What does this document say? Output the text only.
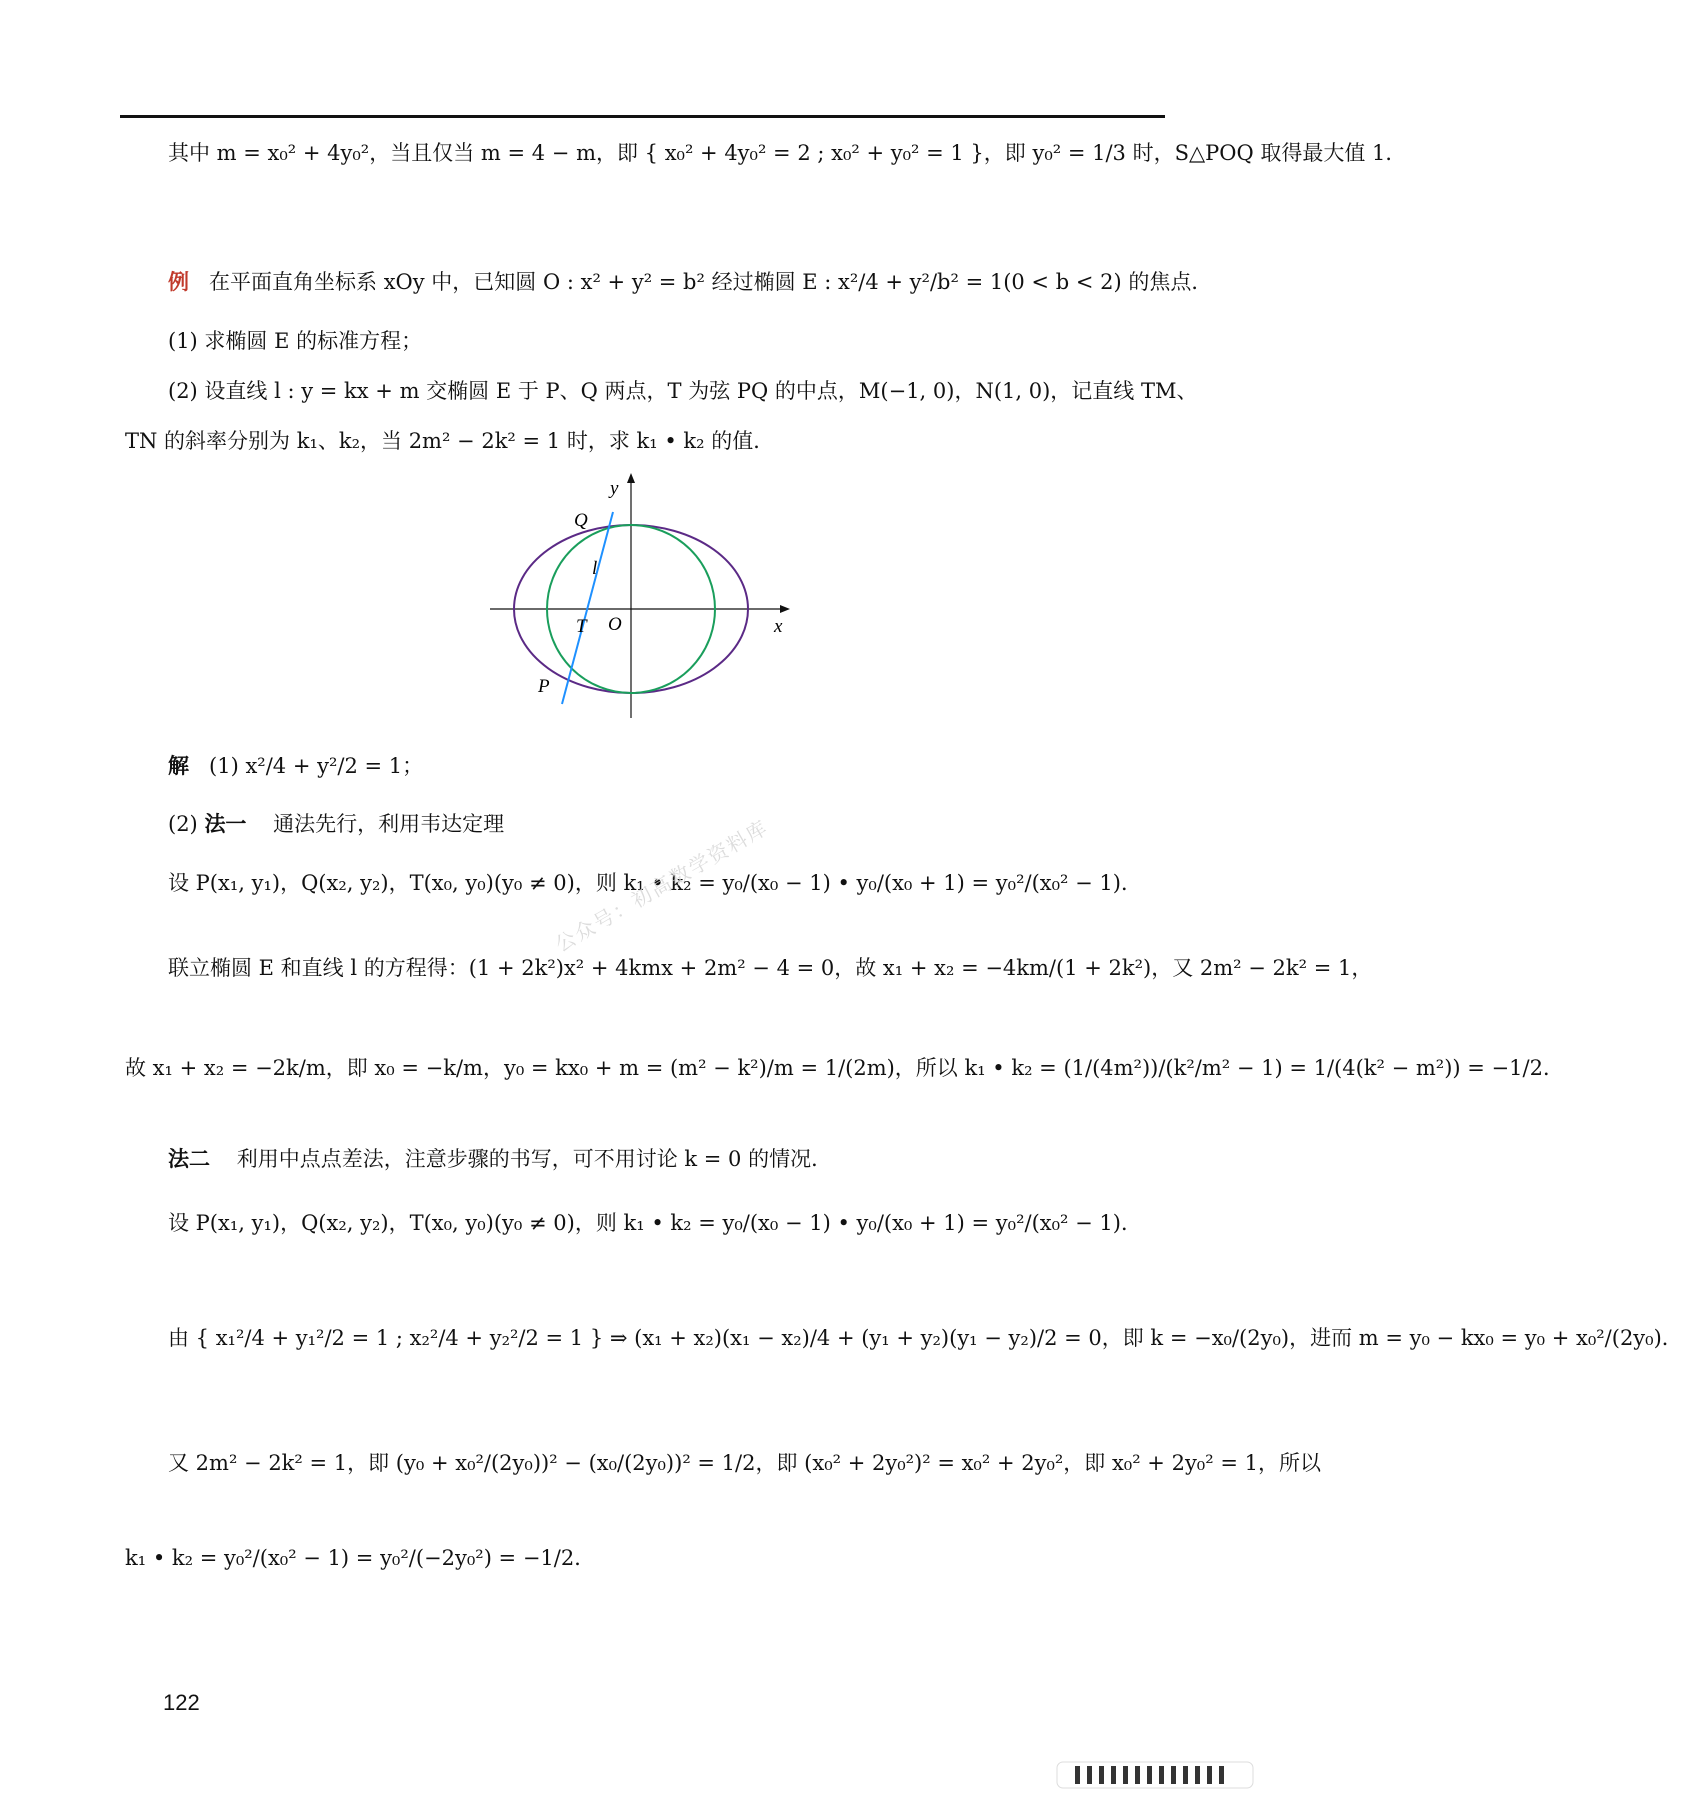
其中 m = x₀² + 4y₀²，当且仅当 m = 4 − m，即 { x₀² + 4y₀² = 2 ; x₀² + y₀² = 1 }，即 y₀² = 1/3 时，S△POQ 取得最大值 1．
例 在平面直角坐标系 xOy 中，已知圆 O : x² + y² = b² 经过椭圆 E : x²/4 + y²/b² = 1(0 < b < 2) 的焦点．
(1) 求椭圆 E 的标准方程；
(2) 设直线 l : y = kx + m 交椭圆 E 于 P、Q 两点，T 为弦 PQ 的中点，M(−1, 0)，N(1, 0)，记直线 TM、
TN 的斜率分别为 k₁、k₂，当 2m² − 2k² = 1 时，求 k₁ • k₂ 的值．
y
x
O
Q
l
T
P
解 (1) x²/4 + y²/2 = 1；
(2) 法一 通法先行，利用韦达定理
设 P(x₁, y₁)，Q(x₂, y₂)，T(x₀, y₀)(y₀ ≠ 0)，则 k₁ • k₂ = y₀/(x₀ − 1) • y₀/(x₀ + 1) = y₀²/(x₀² − 1)．
联立椭圆 E 和直线 l 的方程得：(1 + 2k²)x² + 4kmx + 2m² − 4 = 0，故 x₁ + x₂ = −4km/(1 + 2k²)，又 2m² − 2k² = 1，
故 x₁ + x₂ = −2k/m，即 x₀ = −k/m，y₀ = kx₀ + m = (m² − k²)/m = 1/(2m)，所以 k₁ • k₂ = (1/(4m²))/(k²/m² − 1) = 1/(4(k² − m²)) = −1/2．
法二 利用中点点差法，注意步骤的书写，可不用讨论 k = 0 的情况．
设 P(x₁, y₁)，Q(x₂, y₂)，T(x₀, y₀)(y₀ ≠ 0)，则 k₁ • k₂ = y₀/(x₀ − 1) • y₀/(x₀ + 1) = y₀²/(x₀² − 1)．
由 { x₁²/4 + y₁²/2 = 1 ; x₂²/4 + y₂²/2 = 1 } ⇒ (x₁ + x₂)(x₁ − x₂)/4 + (y₁ + y₂)(y₁ − y₂)/2 = 0，即 k = −x₀/(2y₀)，进而 m = y₀ − kx₀ = y₀ + x₀²/(2y₀)．
又 2m² − 2k² = 1，即 (y₀ + x₀²/(2y₀))² − (x₀/(2y₀))² = 1/2，即 (x₀² + 2y₀²)² = x₀² + 2y₀²，即 x₀² + 2y₀² = 1，所以
k₁ • k₂ = y₀²/(x₀² − 1) = y₀²/(−2y₀²) = −1/2．
公众号：初高数学资料库
122
